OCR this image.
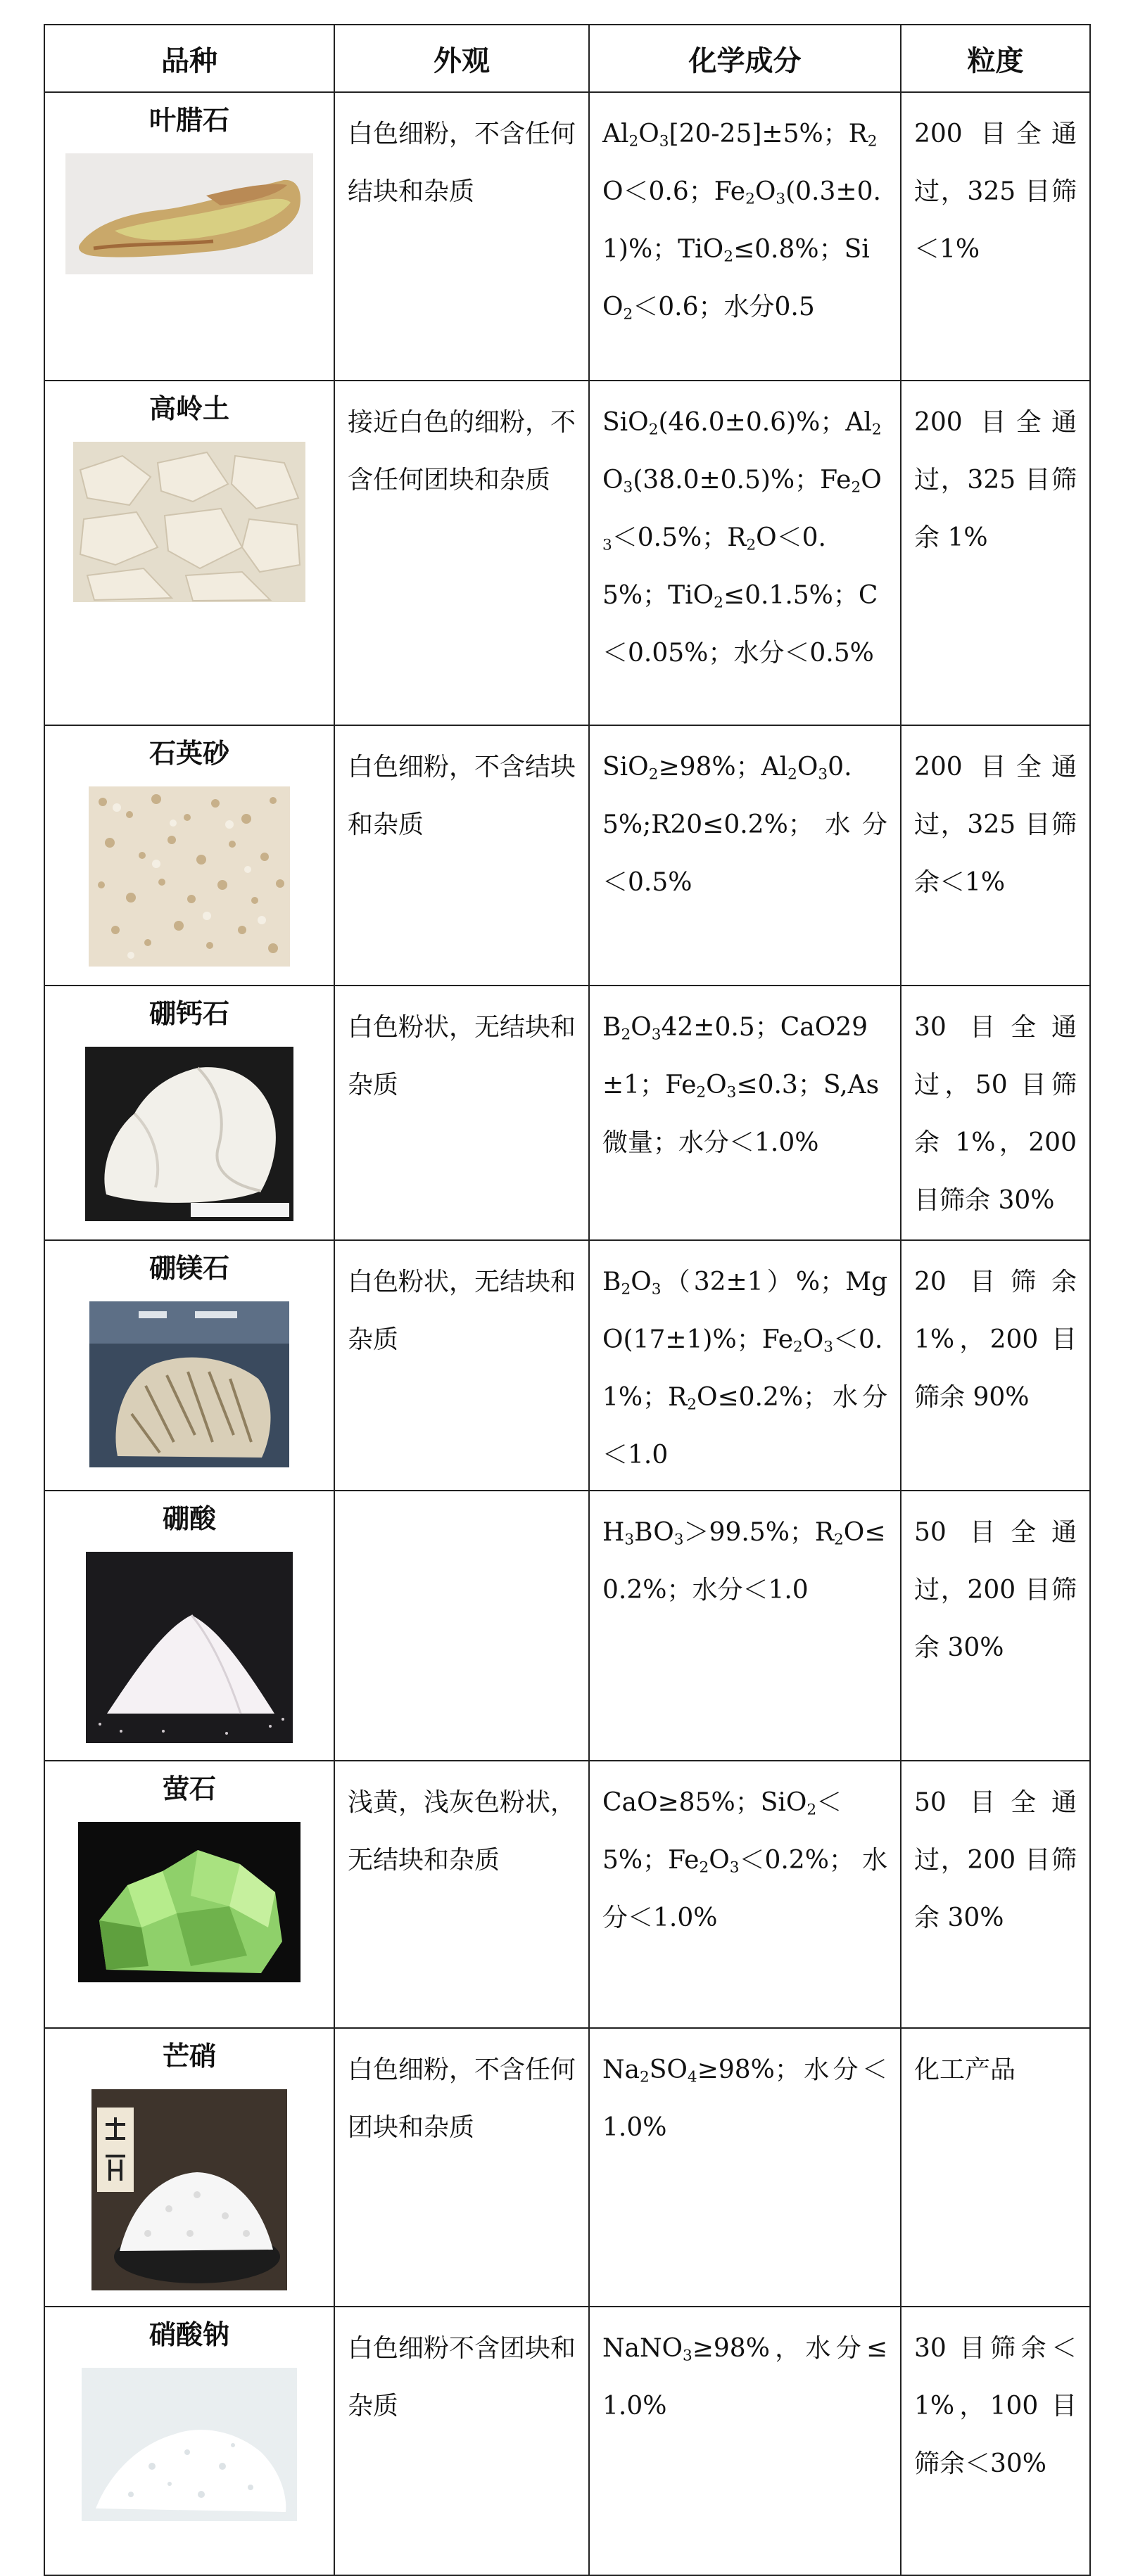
品种	外观	化学成分	粒度

叶腊石	白色细粉，不含任何结块和杂质	$Al_2O_3[20-25]\pm 5\%$；$R_2O<0.6$；$Fe_2O_3(0.3\pm 0.1)\%$；TiO$_2$≤0.8%；SiO$_2$＜0.6；水分0.5	200 目全通过，325 目筛＜1%

高岭土	接近白色的细粉，不含任何团块和杂质	SiO$_2$(46.0±0.6)%；$Al_2O_3(38.0\pm 0.5)\%$；$Fe_2O_3<0.5\%$；$R_2O<0.5\%$；TiO$_2$≤0.1.5%；C＜0.05%；水分＜0.5%	200 目全通过，325 目筛余 1%

石英砂	白色细粉，不含结块和杂质	SiO$_2$≥98%；$Al_2O_30.5\%;R20\le 0.2\%$；水分＜0.5%	200 目全通过，325 目筛余＜1%

硼钙石	白色粉状，无结块和杂质	$B_2O_342\pm 0.5$；CaO29±1；$Fe_2O_3\le 0.3$；S,As微量；水分＜1.0%	30 目全通过，50 目筛余 1%，200 目筛余 30%

硼镁石	白色粉状，无结块和杂质	$B_2O_3(32\pm 1)\%$；MgO(17±1)%；$Fe_2O_3<0.1\%$；$R_2O\le 0.2\%$；水分＜1.0	20 目筛余 1%，200 目筛余 90%

硼酸		$H_3BO_3>99.5\%$；$R_2O\le 0.2\%$；水分＜1.0	50 目全通过，200 目筛余 30%

萤石	浅黄，浅灰色粉状，无结块和杂质	CaO≥85%；SiO$_2$＜5%；$Fe_2O_3<0.2\%$；水分＜1.0%	50 目全通过，200 目筛余 30%

芒硝	白色细粉，不含任何团块和杂质	$Na_2SO_4\ge 98\%$；水分＜1.0%	化工产品

硝酸钠	白色细粉不含团块和杂质	NaNO$_3$≥98%，水分≤1.0%	30 目筛余＜1%，100 目筛余＜30%
